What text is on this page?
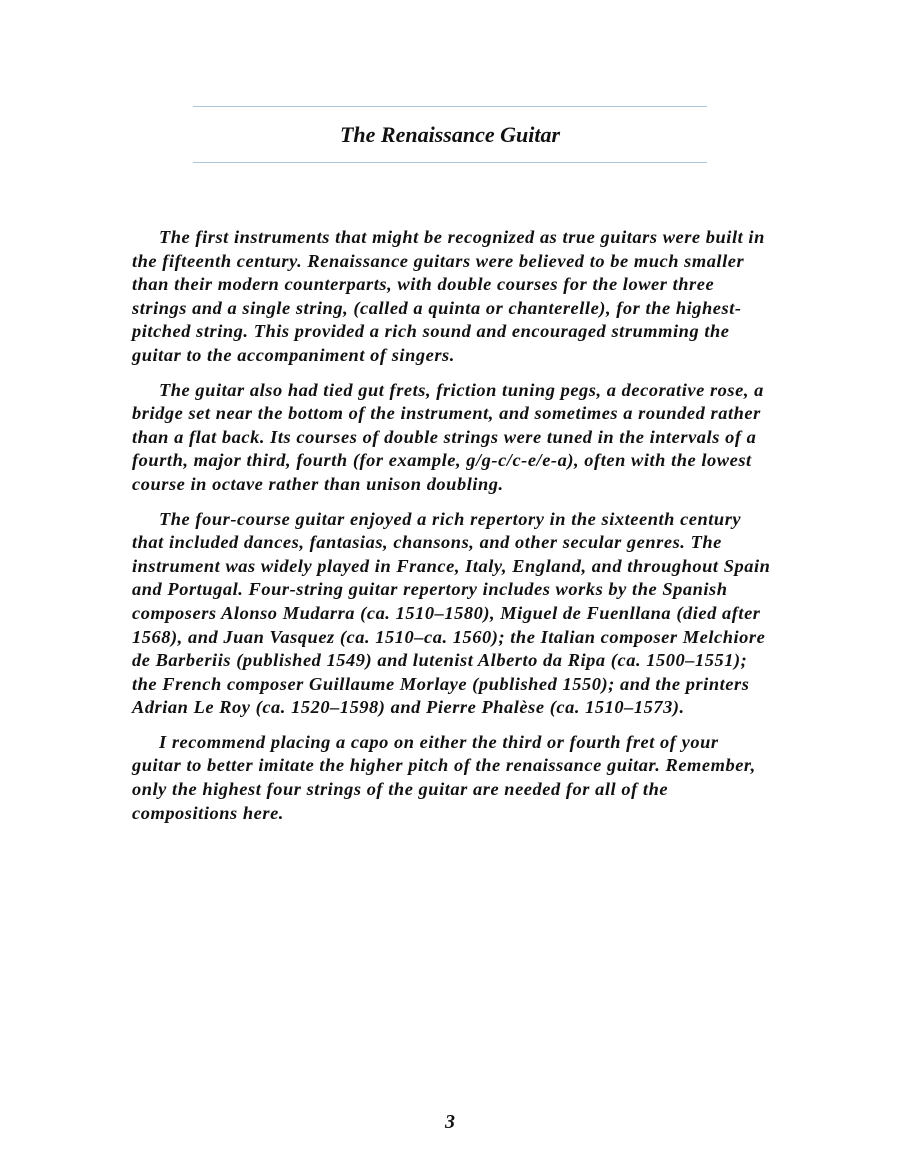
The Renaissance Guitar

The first instruments that might be recognized as true guitars were built in the fifteenth century. Renaissance guitars were believed to be much smaller than their modern counterparts, with double courses for the lower three strings and a single string, (called a quinta or chanterelle), for the highest-pitched string. This provided a rich sound and encouraged strumming the guitar to the accompaniment of singers.

The guitar also had tied gut frets, friction tuning pegs, a decorative rose, a bridge set near the bottom of the instrument, and sometimes a rounded rather than a flat back. Its courses of double strings were tuned in the intervals of a fourth, major third, fourth (for example, g/g-c/c-e/e-a), often with the lowest course in octave rather than unison doubling.

The four-course guitar enjoyed a rich repertory in the sixteenth century that included dances, fantasias, chansons, and other secular genres. The instrument was widely played in France, Italy, England, and throughout Spain and Portugal. Four-string guitar repertory includes works by the Spanish composers Alonso Mudarra (ca. 1510–1580), Miguel de Fuenllana (died after 1568), and Juan Vasquez (ca. 1510–ca. 1560); the Italian composer Melchiore de Barberiis (published 1549) and lutenist Alberto da Ripa (ca. 1500–1551); the French composer Guillaume Morlaye (published 1550); and the printers Adrian Le Roy (ca. 1520–1598) and Pierre Phalèse (ca. 1510–1573).

I recommend placing a capo on either the third or fourth fret of your guitar to better imitate the higher pitch of the renaissance guitar. Remember, only the highest four strings of the guitar are needed for all of the compositions here.

3
